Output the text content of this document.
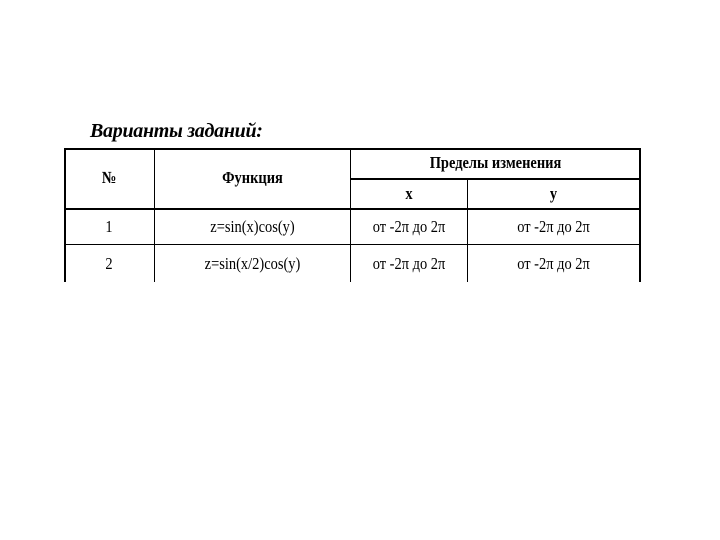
Варианты заданий:
№	Функция
Пределы изменения
x	y
1	z=sin(x)cos(y)	от -2π до 2π	от -2π до 2π
2	z=sin(x/2)cos(y)	от -2π до 2π	от -2π до 2π
